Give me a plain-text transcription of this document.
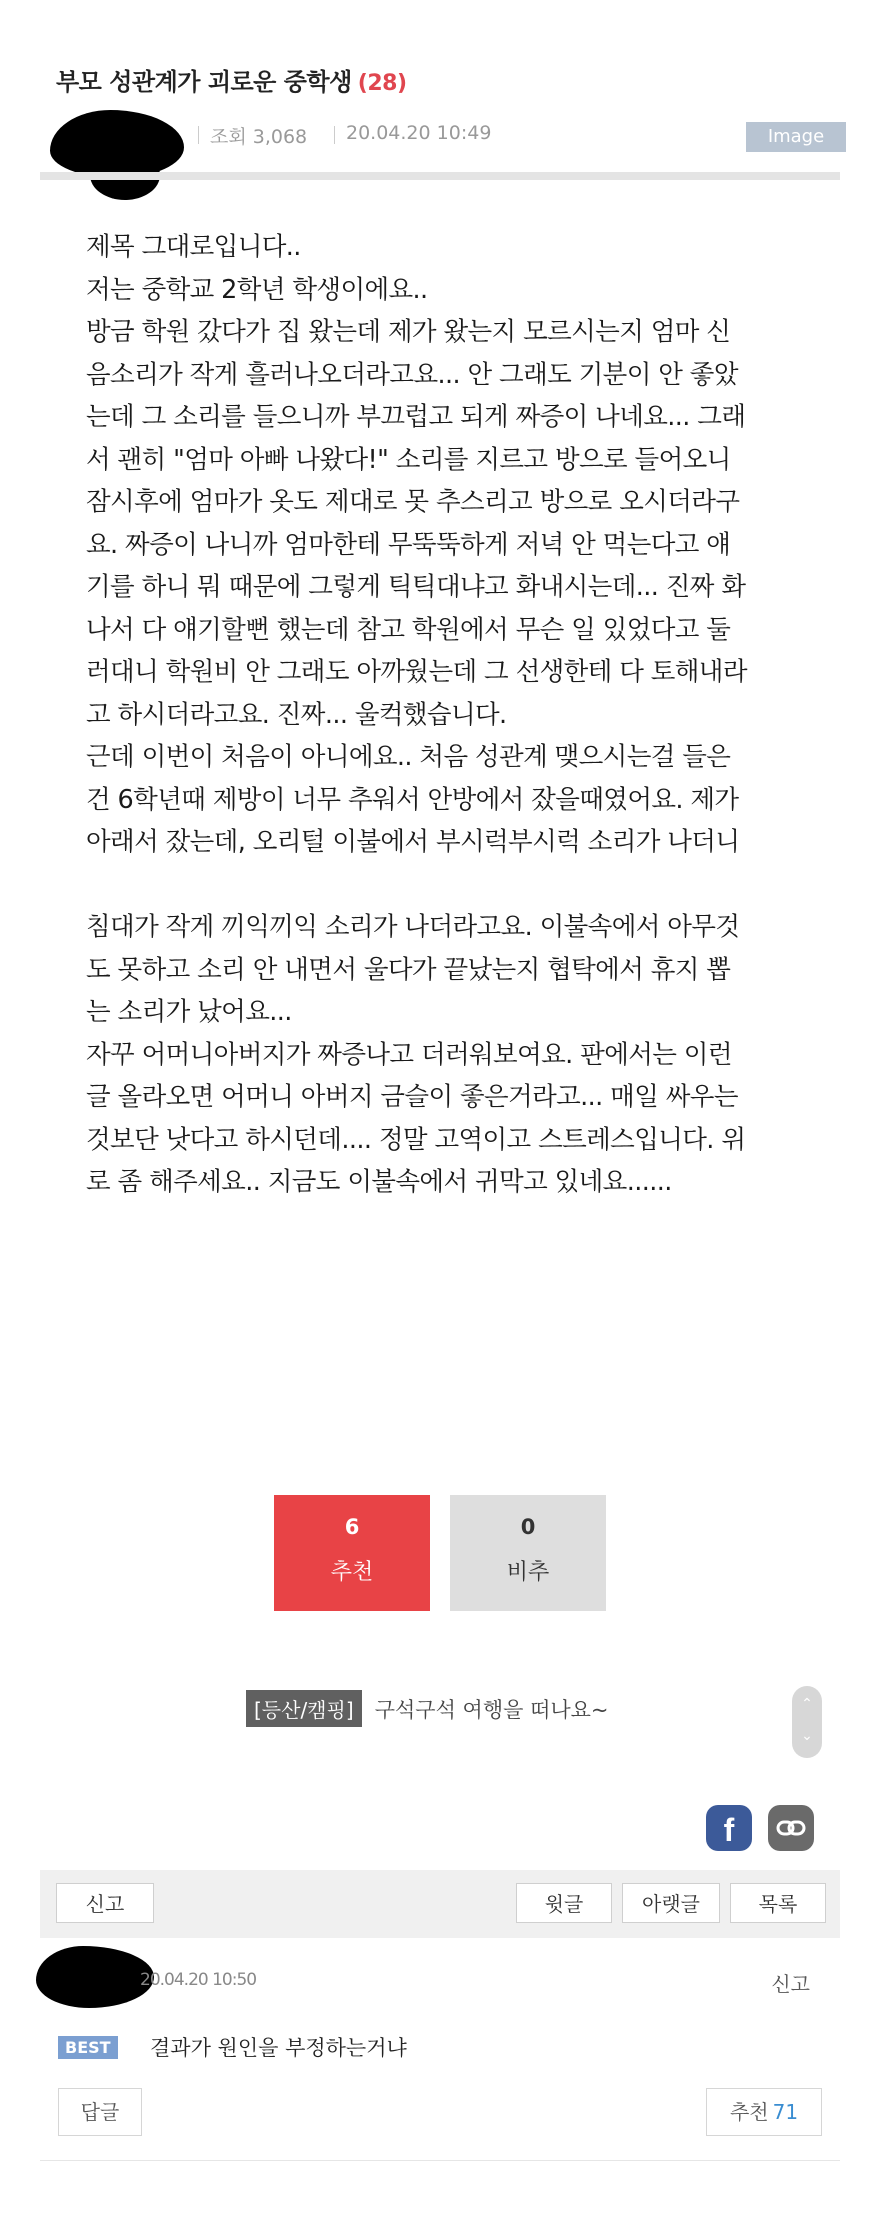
부모 성관계가 괴로운 중학생 (28)
조회 3,068 20.04.20 10:49	Image
제목 그대로입니다..
저는 중학교 2학년 학생이에요..
방금 학원 갔다가 집 왔는데 제가 왔는지 모르시는지 엄마 신
음소리가 작게 흘러나오더라고요... 안 그래도 기분이 안 좋았
는데 그 소리를 들으니까 부끄럽고 되게 짜증이 나네요... 그래
서 괜히 "엄마 아빠 나왔다!" 소리를 지르고 방으로 들어오니
잠시후에 엄마가 옷도 제대로 못 추스리고 방으로 오시더라구
요. 짜증이 나니까 엄마한테 무뚝뚝하게 저녁 안 먹는다고 얘
기를 하니 뭐 때문에 그렇게 틱틱대냐고 화내시는데... 진짜 화
나서 다 얘기할뻔 했는데 참고 학원에서 무슨 일 있었다고 둘
러대니 학원비 안 그래도 아까웠는데 그 선생한테 다 토해내라
고 하시더라고요. 진짜... 울컥했습니다.
근데 이번이 처음이 아니에요.. 처음 성관계 맺으시는걸 들은
건 6학년때 제방이 너무 추워서 안방에서 잤을때였어요. 제가
아래서 잤는데, 오리털 이불에서 부시럭부시럭 소리가 나더니
침대가 작게 끼익끼익 소리가 나더라고요. 이불속에서 아무것
도 못하고 소리 안 내면서 울다가 끝났는지 협탁에서 휴지 뽑
는 소리가 났어요...
자꾸 어머니아버지가 짜증나고 더러워보여요. 판에서는 이런
글 올라오면 어머니 아버지 금슬이 좋은거라고... 매일 싸우는
것보단 낫다고 하시던데.... 정말 고역이고 스트레스입니다. 위
로 좀 해주세요.. 지금도 이불속에서 귀막고 있네요......
6
추천
0
비추
[등산/캠핑] 구석구석 여행을 떠나요~	⌃
⌄
f
신고	윗글	아랫글	목록
20.04.20 10:50	신고
BEST	결과가 원인을 부정하는거냐
답글	추천 71
